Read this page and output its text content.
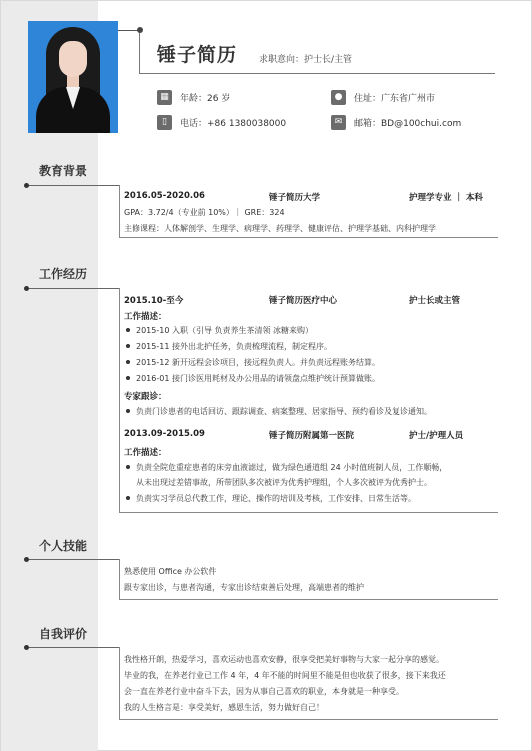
锤子简历 求职意向：护士长/主管
▦	年龄：26 岁	●	住址：广东省广州市
▯	电话：+86 1380038000	✉	邮箱：BD@100chui.com
教育背景
2016.05-2020.06	锤子简历大学	护理学专业 ｜ 本科
GPA：3.72/4（专业前 10%）｜ GRE：324
主修课程：人体解剖学、生理学、病理学、药理学、健康评估、护理学基础、内科护理学
工作经历
2015.10-至今	锤子简历医疗中心	护士长或主管
工作描述：
2015-10 入职（引导 负责养生茶清领 冰糖来购）
2015-11 接外出北护任务，负责梳理流程，制定程序。
2015-12 新开远程会诊项目，接远程负责人。并负责远程账务结算。
2016-01 接门诊医用耗材及办公用品的请领盘点维护统计预算做账。
专家跟诊：
负责门诊患者的电话回访、跟踪调查、病案整理、居家指导、预约看诊及复诊通知。
2013.09-2015.09	锤子简历附属第一医院	护士/护理人员
工作描述：
负责全院危重症患者的床旁血液滤过，做为绿色通道组 24 小时值班制人员，工作顺畅，
从未出现过差错事故，所带团队多次被评为优秀护理组，个人多次被评为优秀护士。
负责实习学员总代教工作，理论、操作的培训及考核，工作安排、日常生活等。
个人技能
熟悉使用 Office 办公软件
跟专家出诊，与患者沟通，专家出诊结束善后处理，高端患者的维护
自我评价
我性格开朗，热爱学习，喜欢运动也喜欢安静，很享受把美好事物与大家一起分享的感觉。
毕业的我，在养老行业已工作 4 年，4 年不能的时间里不能是但也收获了很多，接下来我还
会一直在养老行业中奋斗下去，因为从事自己喜欢的职业，本身就是一种享受。
我的人生格言是：享受美好，感恩生活，努力做好自己！
